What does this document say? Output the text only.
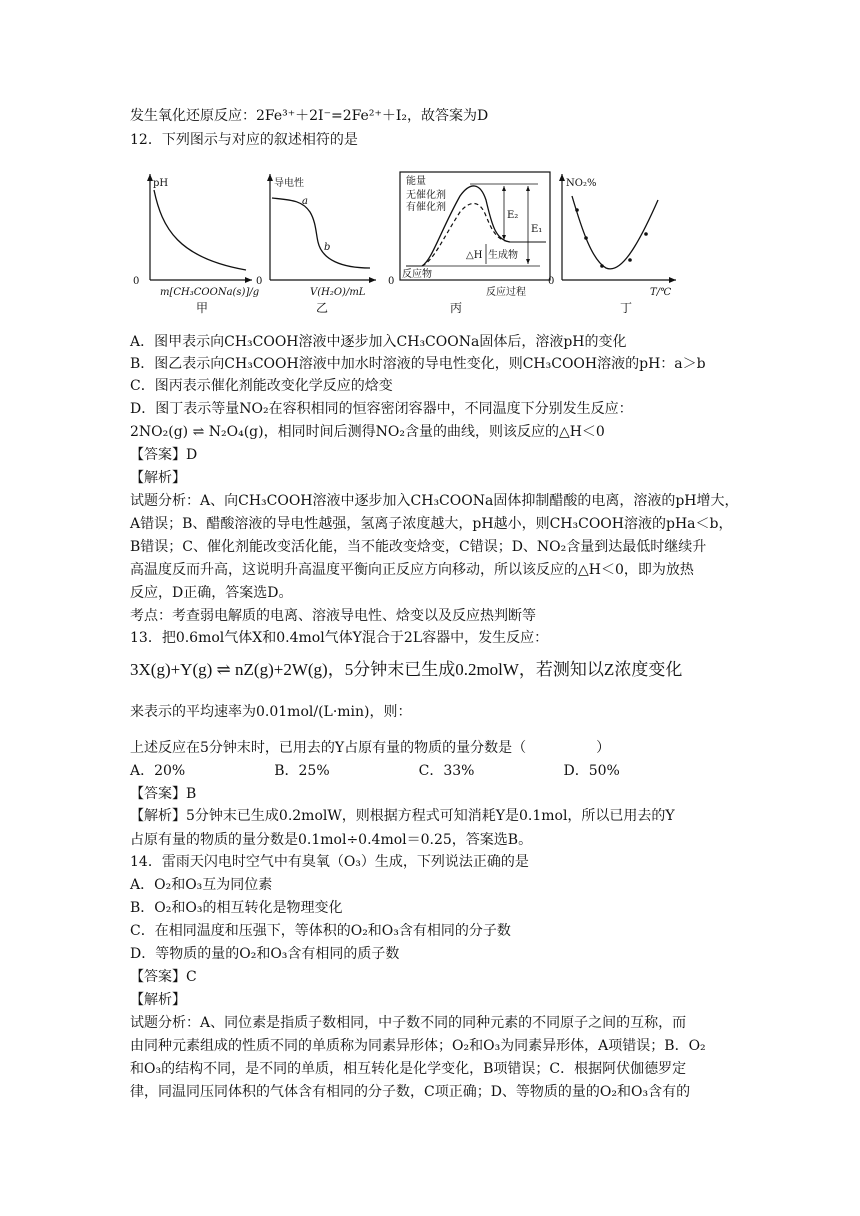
发生氧化还原反应：2Fe³⁺＋2I⁻=2Fe²⁺＋I₂，故答案为D
12．下列图示与对应的叙述相符的是
pH
0
m[CH₃COONa(s)]/g
甲
导电性
a
b
0
V(H₂O)/mL
乙
能量
无催化剂
有催化剂
E₂
E₁
△H 生成物
反应物
0
反应过程
丙
NO₂%
0
T/℃
丁
A．图甲表示向CH₃COOH溶液中逐步加入CH₃COONa固体后，溶液pH的变化
B．图乙表示向CH₃COOH溶液中加水时溶液的导电性变化，则CH₃COOH溶液的pH：a＞b
C．图丙表示催化剂能改变化学反应的焓变
D．图丁表示等量NO₂在容积相同的恒容密闭容器中，不同温度下分别发生反应：
2NO₂(g) ⇌ N₂O₄(g)，相同时间后测得NO₂含量的曲线，则该反应的△H＜0
【答案】D
【解析】
试题分析：A、向CH₃COOH溶液中逐步加入CH₃COONa固体抑制醋酸的电离，溶液的pH增大，
A错误；B、醋酸溶液的导电性越强，氢离子浓度越大，pH越小，则CH₃COOH溶液的pHa＜b，
B错误；C、催化剂能改变活化能，当不能改变焓变，C错误；D、NO₂含量到达最低时继续升
高温度反而升高，这说明升高温度平衡向正反应方向移动，所以该反应的△H＜0，即为放热
反应，D正确，答案选D。
考点：考查弱电解质的电离、溶液导电性、焓变以及反应热判断等
13．把0.6mol气体X和0.4mol气体Y混合于2L容器中，发生反应：
3X(g)+Y(g) ⇌ nZ(g)+2W(g)，5分钟末已生成0.2molW，若测知以Z浓度变化
来表示的平均速率为0.01mol/(L·min)，则：
上述反应在5分钟末时，已用去的Y占原有量的物质的量分数是（　　　　　）
A．20%                    B．25%                    C．33%                    D．50%
【答案】B
【解析】5分钟末已生成0.2molW，则根据方程式可知消耗Y是0.1mol，所以已用去的Y
占原有量的物质的量分数是0.1mol÷0.4mol＝0.25，答案选B。
14．雷雨天闪电时空气中有臭氧（O₃）生成，下列说法正确的是
A．O₂和O₃互为同位素
B．O₂和O₃的相互转化是物理变化
C．在相同温度和压强下，等体积的O₂和O₃含有相同的分子数
D．等物质的量的O₂和O₃含有相同的质子数
【答案】C
【解析】
试题分析：A、同位素是指质子数相同，中子数不同的同种元素的不同原子之间的互称，而
由同种元素组成的性质不同的单质称为同素异形体；O₂和O₃为同素异形体，A项错误；B．O₂
和O₃的结构不同，是不同的单质，相互转化是化学变化，B项错误；C．根据阿伏伽德罗定
律，同温同压同体积的气体含有相同的分子数，C项正确；D、等物质的量的O₂和O₃含有的
